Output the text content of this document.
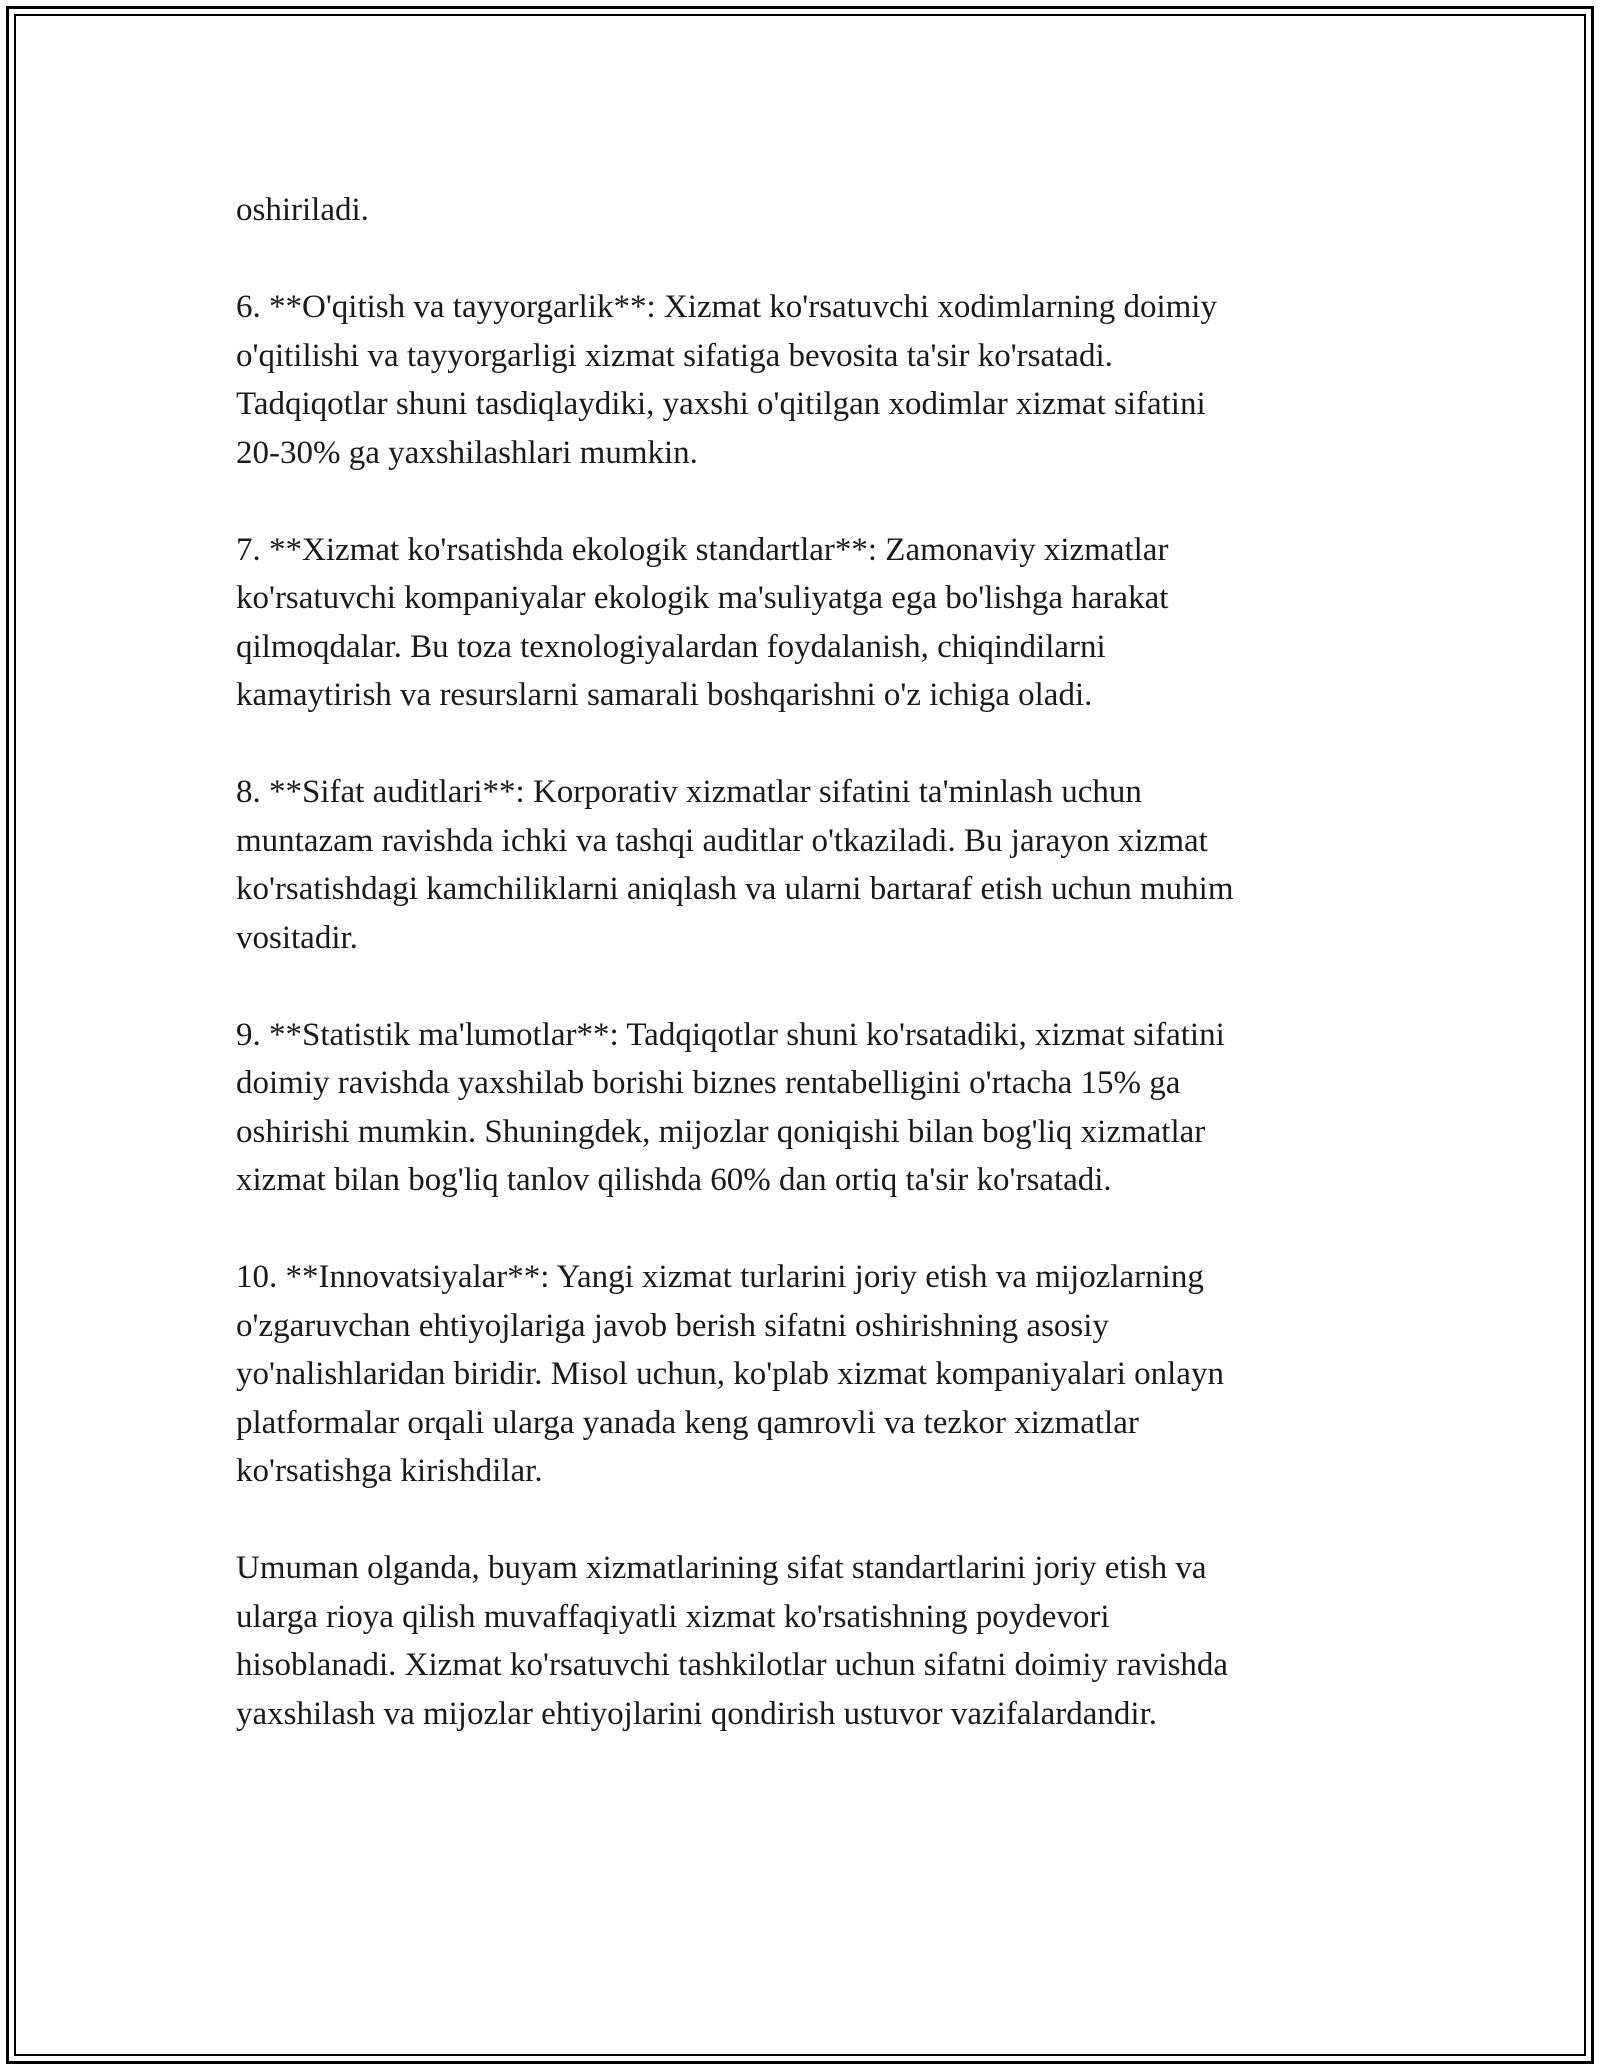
oshiriladi.

6. **O'qitish va tayyorgarlik**: Xizmat ko'rsatuvchi xodimlarning doimiy
o'qitilishi va tayyorgarligi xizmat sifatiga bevosita ta'sir ko'rsatadi.
Tadqiqotlar shuni tasdiqlaydiki, yaxshi o'qitilgan xodimlar xizmat sifatini
20-30% ga yaxshilashlari mumkin.

7. **Xizmat ko'rsatishda ekologik standartlar**: Zamonaviy xizmatlar
ko'rsatuvchi kompaniyalar ekologik ma'suliyatga ega bo'lishga harakat
qilmoqdalar. Bu toza texnologiyalardan foydalanish, chiqindilarni
kamaytirish va resurslarni samarali boshqarishni o'z ichiga oladi.

8. **Sifat auditlari**: Korporativ xizmatlar sifatini ta'minlash uchun
muntazam ravishda ichki va tashqi auditlar o'tkaziladi. Bu jarayon xizmat
ko'rsatishdagi kamchiliklarni aniqlash va ularni bartaraf etish uchun muhim
vositadir.

9. **Statistik ma'lumotlar**: Tadqiqotlar shuni ko'rsatadiki, xizmat sifatini
doimiy ravishda yaxshilab borishi biznes rentabelligini o'rtacha 15% ga
oshirishi mumkin. Shuningdek, mijozlar qoniqishi bilan bog'liq xizmatlar
xizmat bilan bog'liq tanlov qilishda 60% dan ortiq ta'sir ko'rsatadi.

10. **Innovatsiyalar**: Yangi xizmat turlarini joriy etish va mijozlarning
o'zgaruvchan ehtiyojlariga javob berish sifatni oshirishning asosiy
yo'nalishlaridan biridir. Misol uchun, ko'plab xizmat kompaniyalari onlayn
platformalar orqali ularga yanada keng qamrovli va tezkor xizmatlar
ko'rsatishga kirishdilar.

Umuman olganda, buyam xizmatlarining sifat standartlarini joriy etish va
ularga rioya qilish muvaffaqiyatli xizmat ko'rsatishning poydevori
hisoblanadi. Xizmat ko'rsatuvchi tashkilotlar uchun sifatni doimiy ravishda
yaxshilash va mijozlar ehtiyojlarini qondirish ustuvor vazifalardandir.
